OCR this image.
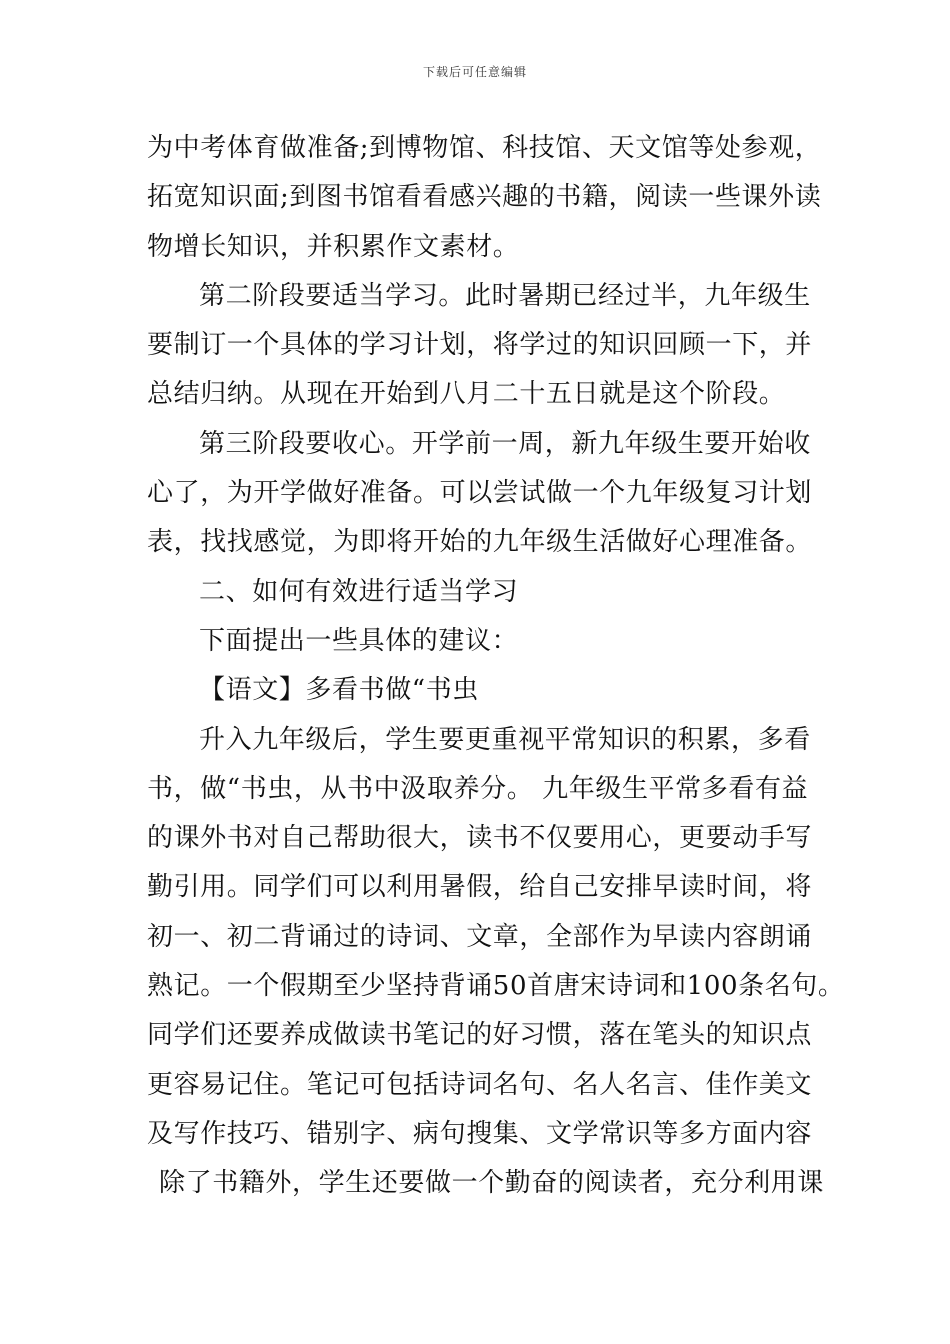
下载后可任意编辑
为中考体育做准备;到博物馆、科技馆、天文馆等处参观，
拓宽知识面;到图书馆看看感兴趣的书籍，阅读一些课外读
物增长知识，并积累作文素材。
第二阶段要适当学习。此时暑期已经过半，九年级生
要制订一个具体的学习计划，将学过的知识回顾一下，并
总结归纳。从现在开始到八月二十五日就是这个阶段。
第三阶段要收心。开学前一周，新九年级生要开始收
心了，为开学做好准备。可以尝试做一个九年级复习计划
表，找找感觉，为即将开始的九年级生活做好心理准备。
二、如何有效进行适当学习
下面提出一些具体的建议：
【语文】多看书做“书虫
升入九年级后，学生要更重视平常知识的积累，多看
书，做“书虫，从书中汲取养分。 九年级生平常多看有益
的课外书对自己帮助很大，读书不仅要用心，更要动手写
勤引用。同学们可以利用暑假，给自己安排早读时间，将
初一、初二背诵过的诗词、文章，全部作为早读内容朗诵
熟记。一个假期至少坚持背诵50首唐宋诗词和100条名句。
同学们还要养成做读书笔记的好习惯，落在笔头的知识点
更容易记住。笔记可包括诗词名句、名人名言、佳作美文
及写作技巧、错别字、病句搜集、文学常识等多方面内容
除了书籍外，学生还要做一个勤奋的阅读者，充分利用课
